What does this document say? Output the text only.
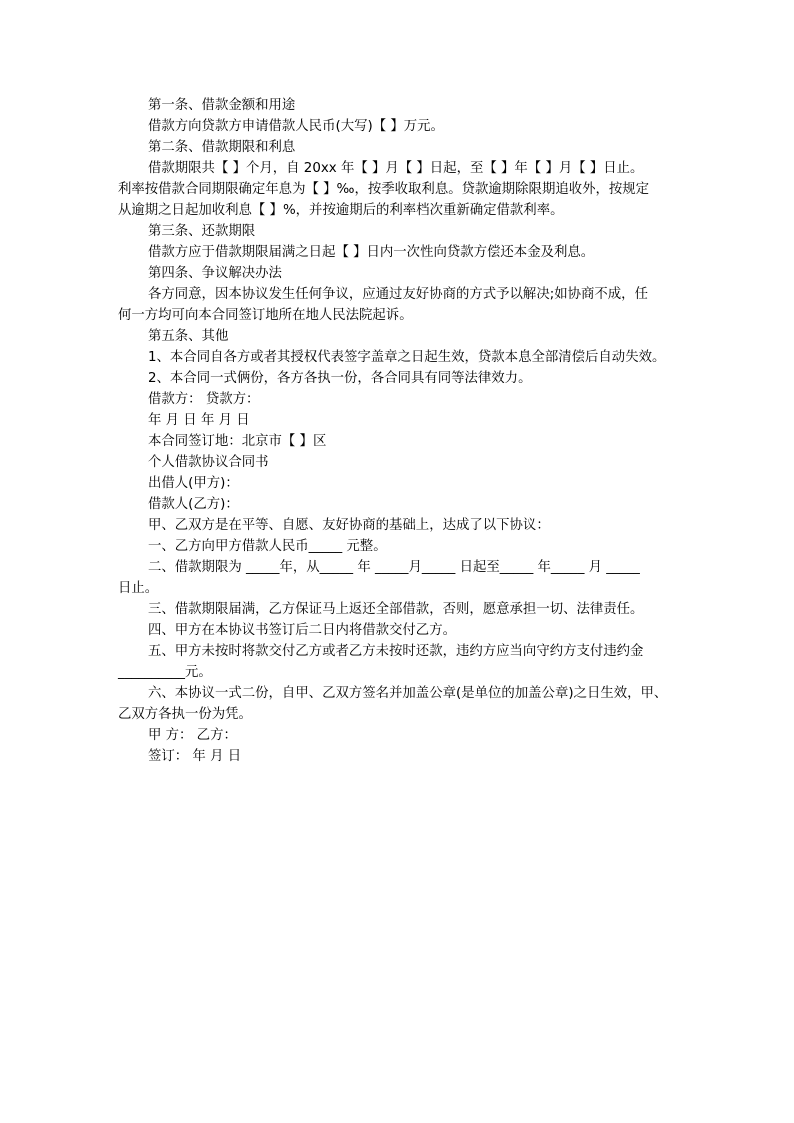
第一条、借款金额和用途

借款方向贷款方申请借款人民币(大写)【 】万元。

第二条、借款期限和利息

借款期限共【 】个月，自 20xx 年【 】月【 】日起，至【 】年【 】月【 】日止。

利率按借款合同期限确定年息为【 】‰，按季收取利息。贷款逾期除限期追收外，按规定

从逾期之日起加收利息【 】%，并按逾期后的利率档次重新确定借款利率。

第三条、还款期限

借款方应于借款期限届满之日起【 】日内一次性向贷款方偿还本金及利息。

第四条、争议解决办法

各方同意，因本协议发生任何争议，应通过友好协商的方式予以解决;如协商不成，任

何一方均可向本合同签订地所在地人民法院起诉。

第五条、其他

1、本合同自各方或者其授权代表签字盖章之日起生效，贷款本息全部清偿后自动失效。

2、本合同一式俩份，各方各执一份，各合同具有同等法律效力。

借款方： 贷款方：

年 月 日 年 月 日

本合同签订地：北京市【 】区

个人借款协议合同书

出借人(甲方)：

借款人(乙方)：

甲、乙双方是在平等、自愿、友好协商的基础上，达成了以下协议：

一、乙方向甲方借款人民币_____ 元整。

二、借款期限为 _____年，从_____ 年 _____月_____ 日起至_____ 年_____ 月 _____

日止。

三、借款期限届满，乙方保证马上返还全部借款，否则，愿意承担一切、法律责任。

四、甲方在本协议书签订后二日内将借款交付乙方。

五、甲方未按时将款交付乙方或者乙方未按时还款，违约方应当向守约方支付违约金

__________元。

六、本协议一式二份，自甲、乙双方签名并加盖公章(是单位的加盖公章)之日生效，甲、

乙双方各执一份为凭。

甲 方： 乙方：

签订： 年 月 日
